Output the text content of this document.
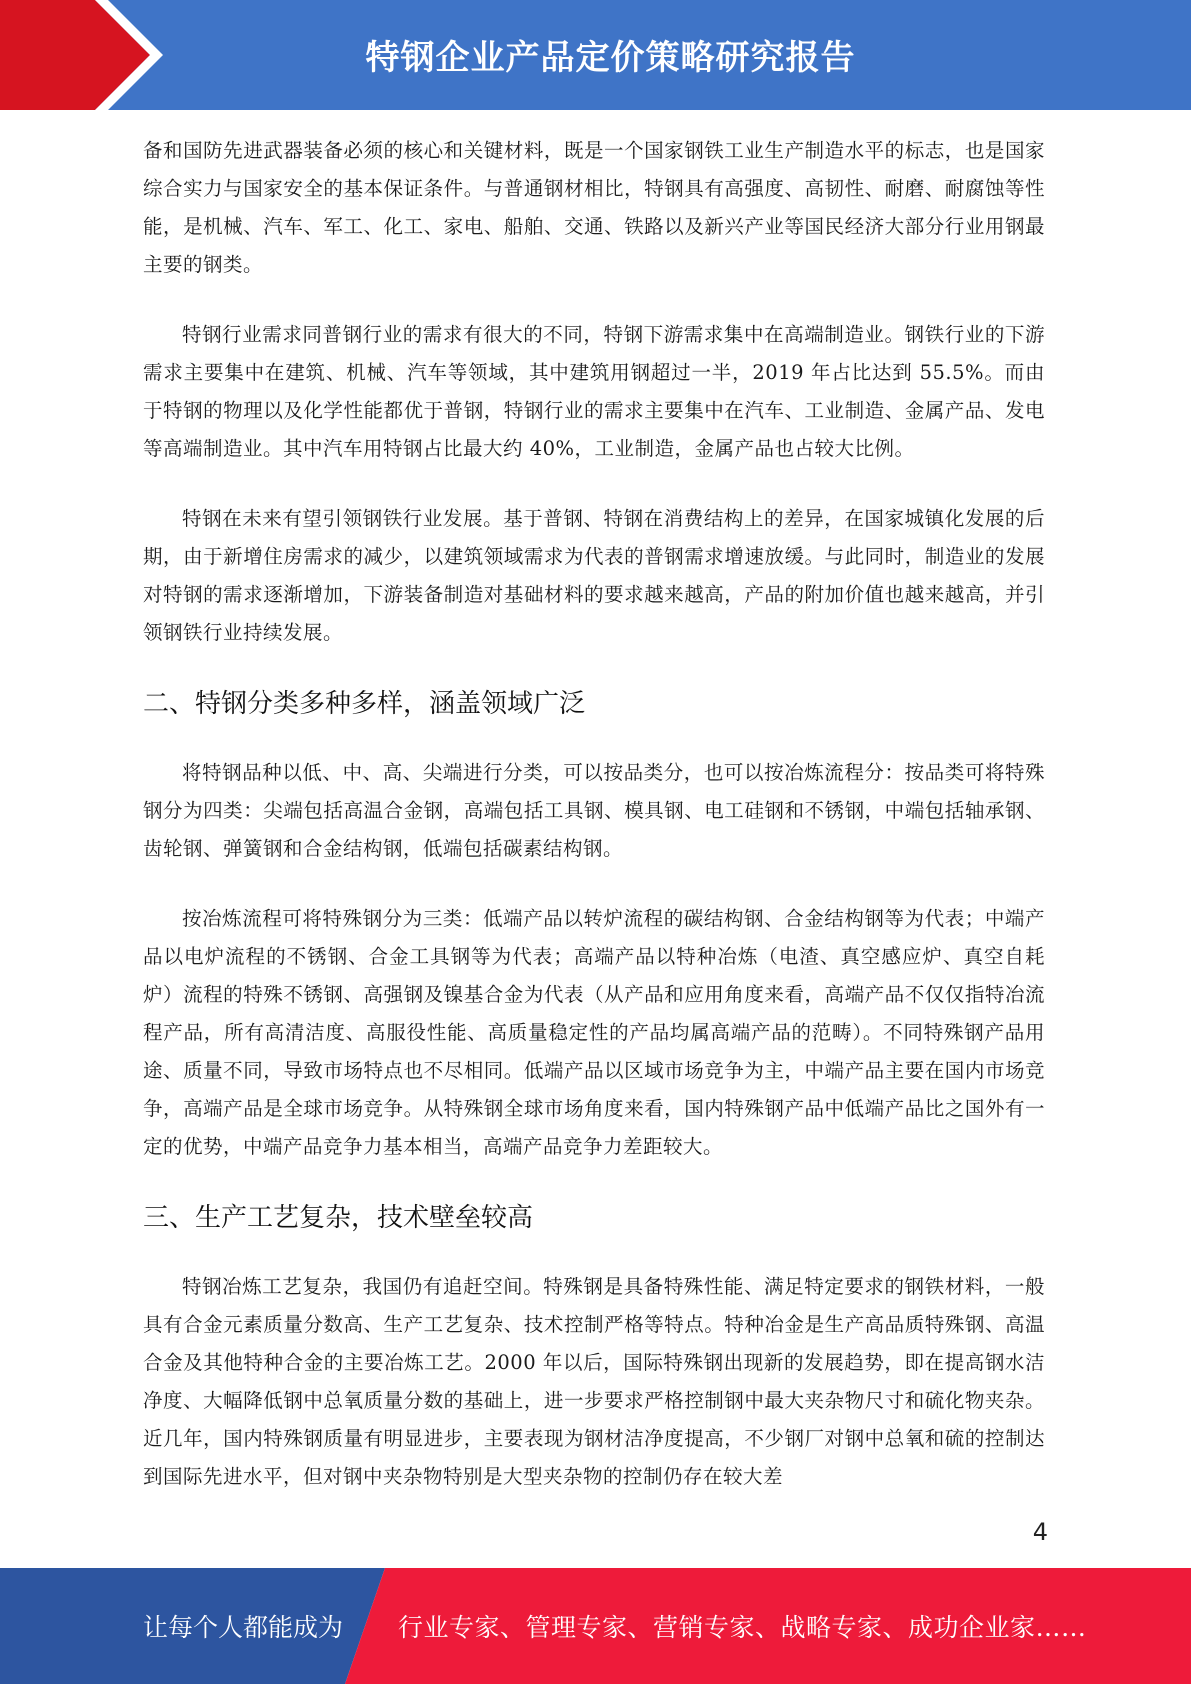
特钢企业产品定价策略研究报告

备和国防先进武器装备必须的核心和关键材料，既是一个国家钢铁工业生产制造水平的标志，也是国家综合实力与国家安全的基本保证条件。与普通钢材相比，特钢具有高强度、高韧性、耐磨、耐腐蚀等性能，是机械、汽车、军工、化工、家电、船舶、交通、铁路以及新兴产业等国民经济大部分行业用钢最主要的钢类。

特钢行业需求同普钢行业的需求有很大的不同，特钢下游需求集中在高端制造业。钢铁行业的下游需求主要集中在建筑、机械、汽车等领域，其中建筑用钢超过一半，2019 年占比达到 55.5%。而由于特钢的物理以及化学性能都优于普钢，特钢行业的需求主要集中在汽车、工业制造、金属产品、发电等高端制造业。其中汽车用特钢占比最大约 40%，工业制造，金属产品也占较大比例。

特钢在未来有望引领钢铁行业发展。基于普钢、特钢在消费结构上的差异，在国家城镇化发展的后期，由于新增住房需求的减少，以建筑领域需求为代表的普钢需求增速放缓。与此同时，制造业的发展对特钢的需求逐渐增加，下游装备制造对基础材料的要求越来越高，产品的附加价值也越来越高，并引领钢铁行业持续发展。

二、特钢分类多种多样，涵盖领域广泛

将特钢品种以低、中、高、尖端进行分类，可以按品类分，也可以按冶炼流程分：按品类可将特殊钢分为四类：尖端包括高温合金钢，高端包括工具钢、模具钢、电工硅钢和不锈钢，中端包括轴承钢、齿轮钢、弹簧钢和合金结构钢，低端包括碳素结构钢。

按冶炼流程可将特殊钢分为三类：低端产品以转炉流程的碳结构钢、合金结构钢等为代表；中端产品以电炉流程的不锈钢、合金工具钢等为代表；高端产品以特种冶炼（电渣、真空感应炉、真空自耗炉）流程的特殊不锈钢、高强钢及镍基合金为代表（从产品和应用角度来看，高端产品不仅仅指特冶流程产品，所有高清洁度、高服役性能、高质量稳定性的产品均属高端产品的范畴）。不同特殊钢产品用途、质量不同，导致市场特点也不尽相同。低端产品以区域市场竞争为主，中端产品主要在国内市场竞争，高端产品是全球市场竞争。从特殊钢全球市场角度来看，国内特殊钢产品中低端产品比之国外有一定的优势，中端产品竞争力基本相当，高端产品竞争力差距较大。

三、生产工艺复杂，技术壁垒较高

特钢冶炼工艺复杂，我国仍有追赶空间。特殊钢是具备特殊性能、满足特定要求的钢铁材料，一般具有合金元素质量分数高、生产工艺复杂、技术控制严格等特点。特种冶金是生产高品质特殊钢、高温合金及其他特种合金的主要冶炼工艺。2000 年以后，国际特殊钢出现新的发展趋势，即在提高钢水洁净度、大幅降低钢中总氧质量分数的基础上，进一步要求严格控制钢中最大夹杂物尺寸和硫化物夹杂。近几年，国内特殊钢质量有明显进步，主要表现为钢材洁净度提高，不少钢厂对钢中总氧和硫的控制达到国际先进水平，但对钢中夹杂物特别是大型夹杂物的控制仍存在较大差

4
让每个人都能成为 行业专家、管理专家、营销专家、战略专家、成功企业家……
